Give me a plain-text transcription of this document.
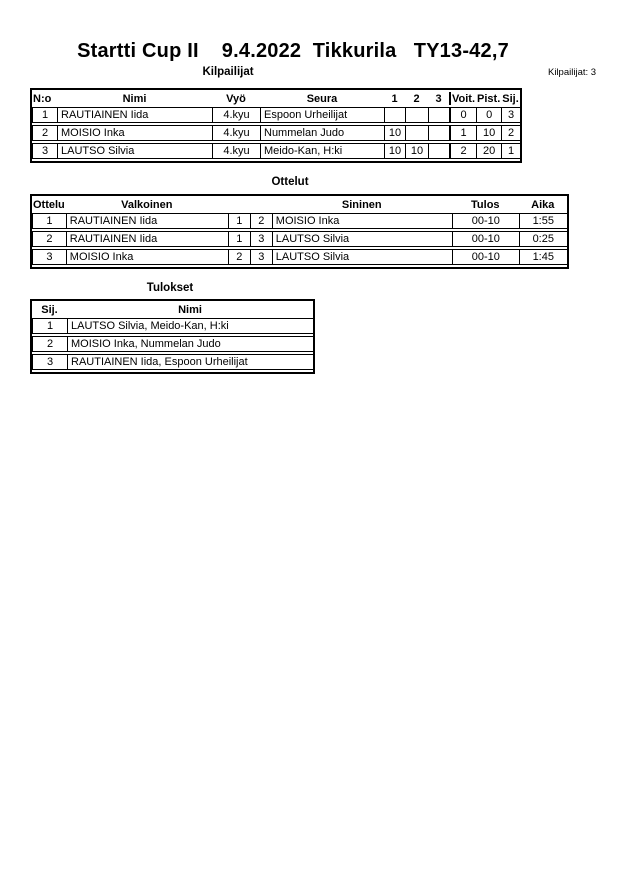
Startti Cup II    9.4.2022  Tikkurila   TY13-42,7
Kilpailijat	Kilpailijat: 3
N:o	Nimi	Vyö	Seura	1	2	3	Voit.	Pist.	Sij.
1	RAUTIAINEN Iida	4.kyu	Espoon Urheilijat				0	0	3
2	MOISIO Inka	4.kyu	Nummelan Judo	10			1	10	2
3	LAUTSO Silvia	4.kyu	Meido-Kan, H:ki	10	10		2	20	1
Ottelut
Ottelu	Valkoinen			Sininen	Tulos	Aika
1	RAUTIAINEN Iida	1	2	MOISIO Inka	00-10	1:55
2	RAUTIAINEN Iida	1	3	LAUTSO Silvia	00-10	0:25
3	MOISIO Inka	2	3	LAUTSO Silvia	00-10	1:45
Tulokset
Sij.	Nimi
1	LAUTSO Silvia, Meido-Kan, H:ki
2	MOISIO Inka, Nummelan Judo
3	RAUTIAINEN Iida, Espoon Urheilijat
